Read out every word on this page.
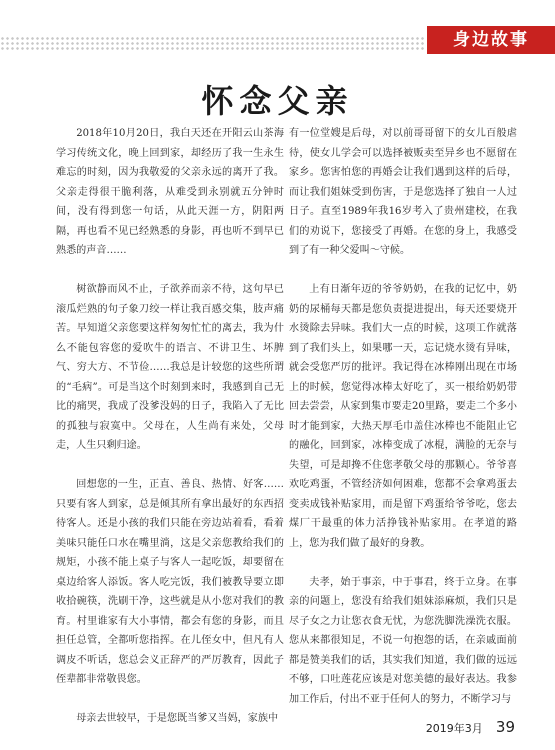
身边故事
怀念父亲

2018年10月20日，我白天还在开阳云山茶海学习传统文化，晚上回到家，却经历了我一生永生难忘的时刻，因为我敬爱的父亲永远的离开了我。父亲走得很干脆利落，从难受到永别就五分钟时间，没有得到您一句话，从此天涯一方，阴阳两隔，再也看不见已经熟悉的身影，再也听不到早已熟悉的声音……

树欲静而风不止，子欲养而亲不待，这句早已滚瓜烂熟的句子象刀绞一样让我百感交集，肢声痛苦。早知道父亲您要这样匆匆忙忙的离去，我为什么不能包容您的爱吹牛的语言、不讲卫生、坏脾气、穷大方、不节俭……我总是计较您的这些所谓的“毛病”。可是当这个时刻到来时，我感到自己无比的痛哭，我成了没爹没妈的日子，我陷入了无比的孤独与寂寞中。父母在，人生尚有来处，父母走，人生只剩归途。

回想您的一生，正直、善良、热情、好客……只要有客人到家，总是倾其所有拿出最好的东西招待客人。还是小孩的我们只能在旁边站着看，看着美味只能任口水在嘴里淌，这是父亲您教给我们的规矩，小孩不能上桌子与客人一起吃饭，却要留在桌边给客人添饭。客人吃完饭，我们被教导要立即收拾碗筷，洗刷干净，这些就是从小您对我们的教育。村里谁家有大小事情，都会有您的身影，而且担任总管，全都听您指挥。在儿侄女中，但凡有人调皮不听话，您总会义正辞严的严厉教育，因此子侄辈都非常敬畏您。

母亲去世较早，于是您既当爹又当妈，家族中

有一位堂嫂是后母，对以前哥哥留下的女儿百般虐待，使女儿学会可以选择被贩卖至异乡也不愿留在家乡。您害怕您的再婚会让我们遇到这样的后母，而让我们姐妹受到伤害，于是您选择了独自一人过日子。直至1989年我16岁考入了贵州建校，在我们的劝说下，您接受了再婚。在您的身上，我感受到了有一种父爱叫～守候。

上有日渐年迈的爷爷奶奶，在我的记忆中，奶奶的尿桶每天都是您负责提进提出，每天还要烧开水烫除去异味。我们大一点的时候，这项工作就落到了我们头上，如果哪一天，忘记烧水烫有异味，就会受您严厉的批评。我记得在冰棒刚出现在市场上的时候，您觉得冰棒太好吃了，买一根给奶奶带回去尝尝，从家到集市要走20里路，要走二个多小时才能到家，大热天厚毛巾盖住冰棒也不能阻止它的融化，回到家，冰棒变成了冰棍，满脸的无奈与失望，可是却搀不住您孝敬父母的那颗心。爷爷喜欢吃鸡蛋，不管经济如何困难，您都不会拿鸡蛋去变卖成钱补贴家用，而是留下鸡蛋给爷爷吃，您去煤厂干最重的体力活挣钱补贴家用。在孝道的路上，您为我们做了最好的身教。

夫孝，始于事亲，中于事君，终于立身。在事亲的问题上，您没有给我们姐妹添麻烦，我们只是尽子女之力让您衣食无忧，为您洗脚洗澡洗衣服。您从来都很知足，不说一句抱怨的话，在亲戚面前都是赞美我们的话，其实我们知道，我们做的远远不够，口吐莲花应该是对您美德的最好表达。我参加工作后，付出不亚于任何人的努力，不断学习与

2019年3月 39
